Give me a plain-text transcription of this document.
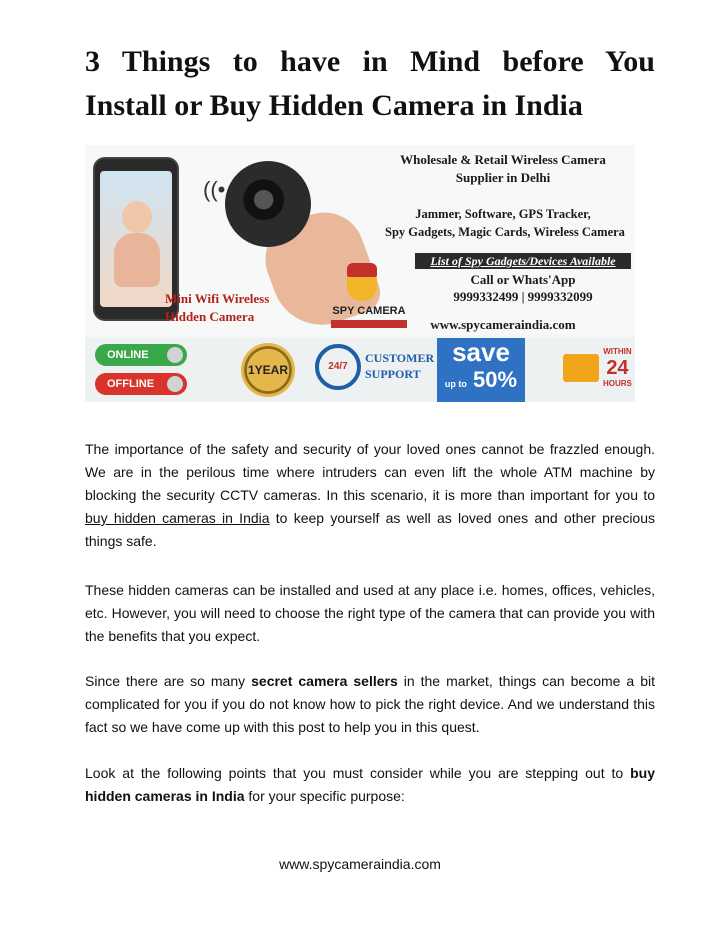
3 Things to have in Mind before You
Install or Buy Hidden Camera in India
((•
Mini Wifi Wireless
Hidden Camera	SPY CAMERA
Wholesale & Retail Wireless Camera
Supplier in Delhi
Jammer, Software, GPS Tracker,
Spy Gadgets, Magic Cards, Wireless Camera
List of Spy Gadgets/Devices Available
Call or Whats'App
9999332499 | 9999332099
www.spycameraindia.com
ONLINE
OFFLINE
1YEAR	24/7
CUSTOMER
SUPPORT
save
up to 50%
WITHIN
24
HOURS

The importance of the safety and security of your loved ones cannot be frazzled enough. We are in the perilous time where intruders can even lift the whole ATM machine by blocking the security CCTV cameras. In this scenario, it is more than important for you to buy hidden cameras in India to keep yourself as well as loved ones and other precious things safe.

These hidden cameras can be installed and used at any place i.e. homes, offices, vehicles, etc. However, you will need to choose the right type of the camera that can provide you with the benefits that you expect.

Since there are so many secret camera sellers in the market, things can become a bit complicated for you if you do not know how to pick the right device. And we understand this fact so we have come up with this post to help you in this quest.

Look at the following points that you must consider while you are stepping out to buy hidden cameras in India for your specific purpose:

www.spycameraindia.com
